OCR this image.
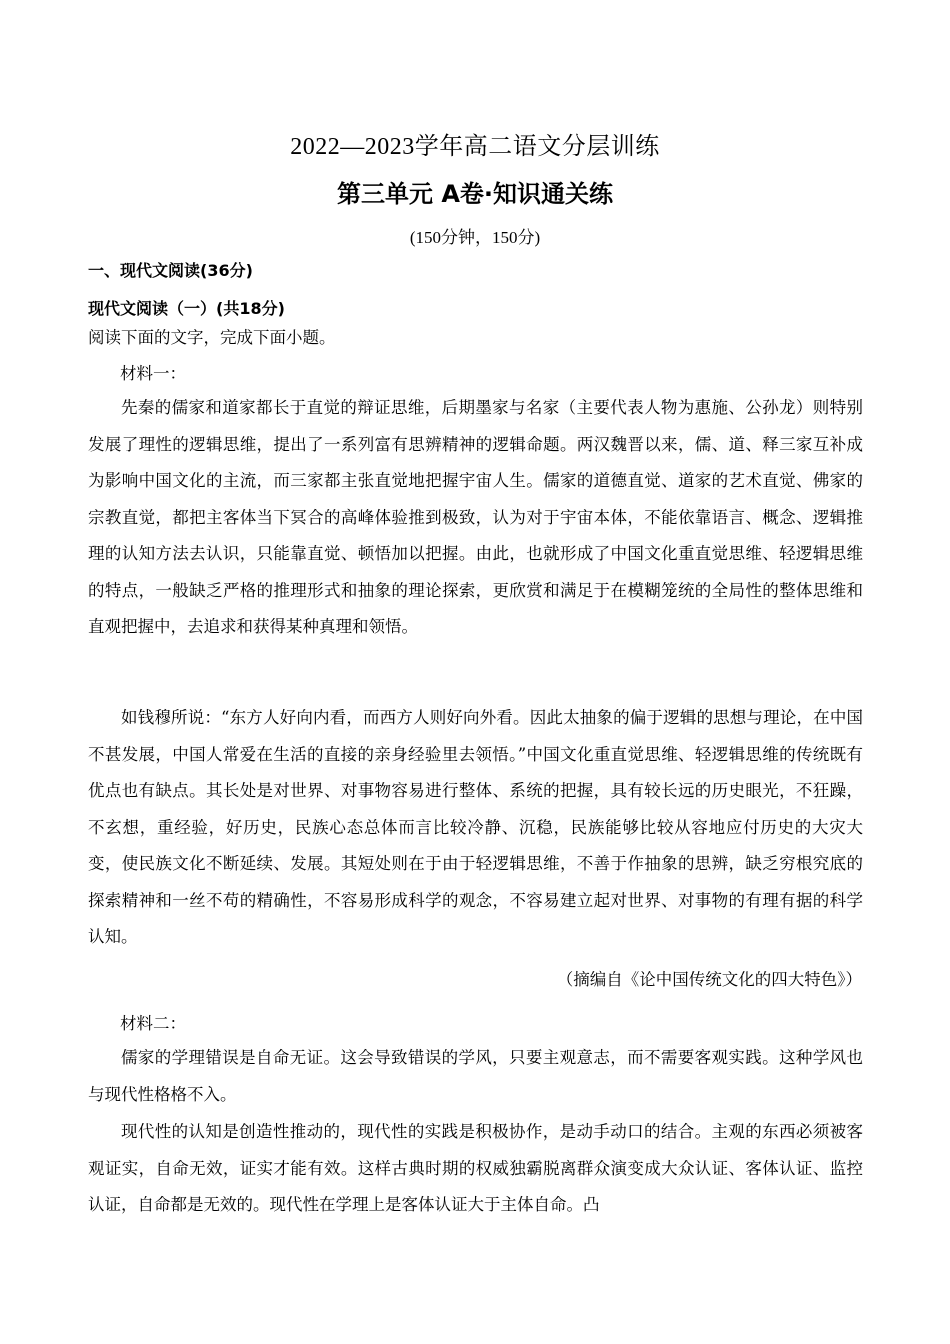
2022—2023学年高二语文分层训练
第三单元 A卷·知识通关练
(150分钟，150分)
一、现代文阅读(36分)
现代文阅读（一）(共18分)
阅读下面的文字，完成下面小题。
材料一：
先秦的儒家和道家都长于直觉的辩证思维，后期墨家与名家（主要代表人物为惠施、公孙龙）则特别发展了理性的逻辑思维，提出了一系列富有思辨精神的逻辑命题。两汉魏晋以来，儒、道、释三家互补成为影响中国文化的主流，而三家都主张直觉地把握宇宙人生。儒家的道德直觉、道家的艺术直觉、佛家的宗教直觉，都把主客体当下冥合的高峰体验推到极致，认为对于宇宙本体，不能依靠语言、概念、逻辑推理的认知方法去认识，只能靠直觉、顿悟加以把握。由此，也就形成了中国文化重直觉思维、轻逻辑思维的特点，一般缺乏严格的推理形式和抽象的理论探索，更欣赏和满足于在模糊笼统的全局性的整体思维和直观把握中，去追求和获得某种真理和领悟。
如钱穆所说：“东方人好向内看，而西方人则好向外看。因此太抽象的偏于逻辑的思想与理论，在中国不甚发展，中国人常爱在生活的直接的亲身经验里去领悟。”中国文化重直觉思维、轻逻辑思维的传统既有优点也有缺点。其长处是对世界、对事物容易进行整体、系统的把握，具有较长远的历史眼光，不狂躁，不玄想，重经验，好历史，民族心态总体而言比较冷静、沉稳，民族能够比较从容地应付历史的大灾大变，使民族文化不断延续、发展。其短处则在于由于轻逻辑思维，不善于作抽象的思辨，缺乏穷根究底的探索精神和一丝不苟的精确性，不容易形成科学的观念，不容易建立起对世界、对事物的有理有据的科学认知。
（摘编自《论中国传统文化的四大特色》）
材料二：
儒家的学理错误是自命无证。这会导致错误的学风，只要主观意志，而不需要客观实践。这种学风也与现代性格格不入。
现代性的认知是创造性推动的，现代性的实践是积极协作，是动手动口的结合。主观的东西必须被客观证实，自命无效，证实才能有效。这样古典时期的权威独霸脱离群众演变成大众认证、客体认证、监控认证，自命都是无效的。现代性在学理上是客体认证大于主体自命。凸
